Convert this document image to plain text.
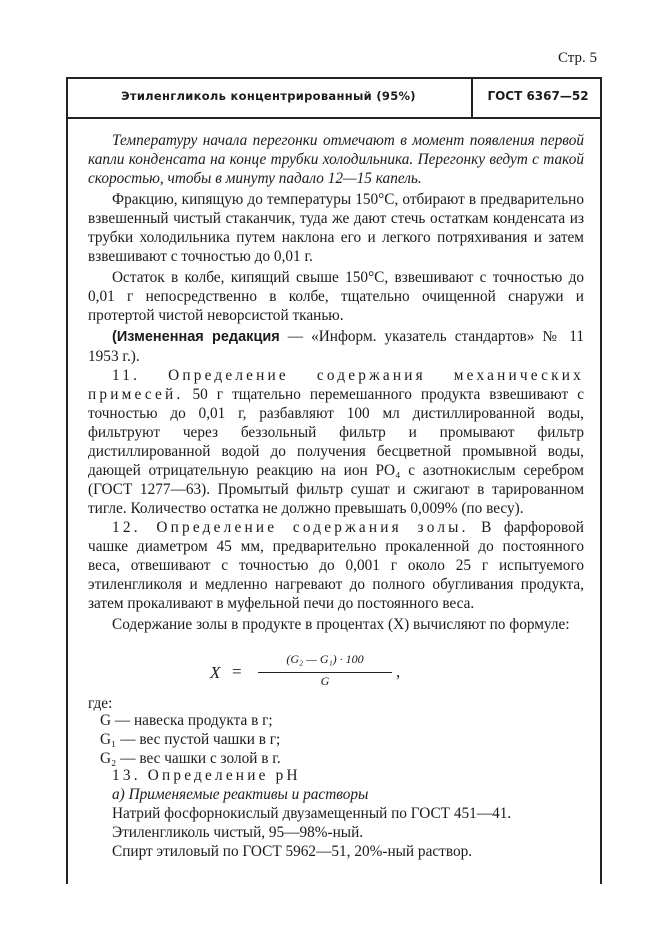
Стр. 5
Этиленгликоль концентрированный (95%)	ГОСТ 6367—52

Температуру начала перегонки отмечают в момент появления первой капли конденсата на конце трубки холодильника. Перегонку ведут с такой скоростью, чтобы в минуту падало 12—15 капель.

Фракцию, кипящую до температуры 150°С, отбирают в предварительно взвешенный чистый стаканчик, туда же дают стечь остаткам конденсата из трубки холодильника путем наклона его и легкого потряхивания и затем взвешивают с точностью до 0,01 г.

Остаток в колбе, кипящий свыше 150°С, взвешивают с точностью до 0,01 г непосредственно в колбе, тщательно очищенной снаружи и протертой чистой неворсистой тканью.

(Измененная редакция — «Информ. указатель стандартов» № 11 1953 г.).

11. Определение содержания механических примесей. 50 г тщательно перемешанного продукта взвешивают с точностью до 0,01 г, разбавляют 100 мл дистиллированной воды, фильтруют через беззольный фильтр и промывают фильтр дистиллированной водой до получения бесцветной промывной воды, дающей отрицательную реакцию на ион PO₄ с азотнокислым серебром (ГОСТ 1277—63). Промытый фильтр сушат и сжигают в тарированном тигле. Количество остатка не должно превышать 0,009% (по весу).

12. Определение содержания золы. В фарфоровой чашке диаметром 45 мм, предварительно прокаленной до постоянного веса, отвешивают с точностью до 0,001 г около 25 г испытуемого этиленгликоля и медленно нагревают до полного обугливания продукта, затем прокаливают в муфельной печи до постоянного веса.

Содержание золы в продукте в процентах (X) вычисляют по формуле:

X =
(G₂ — G₁) · 100
G	,
где:
G — навеска продукта в г;
G₁ — вес пустой чашки в г;
G₂ — вес чашки с золой в г.

13. Определение pH

а) Применяемые реактивы и растворы

Натрий фосфорнокислый двузамещенный по ГОСТ 451—41.

Этиленгликоль чистый, 95—98%-ный.

Спирт этиловый по ГОСТ 5962—51, 20%-ный раствор.
